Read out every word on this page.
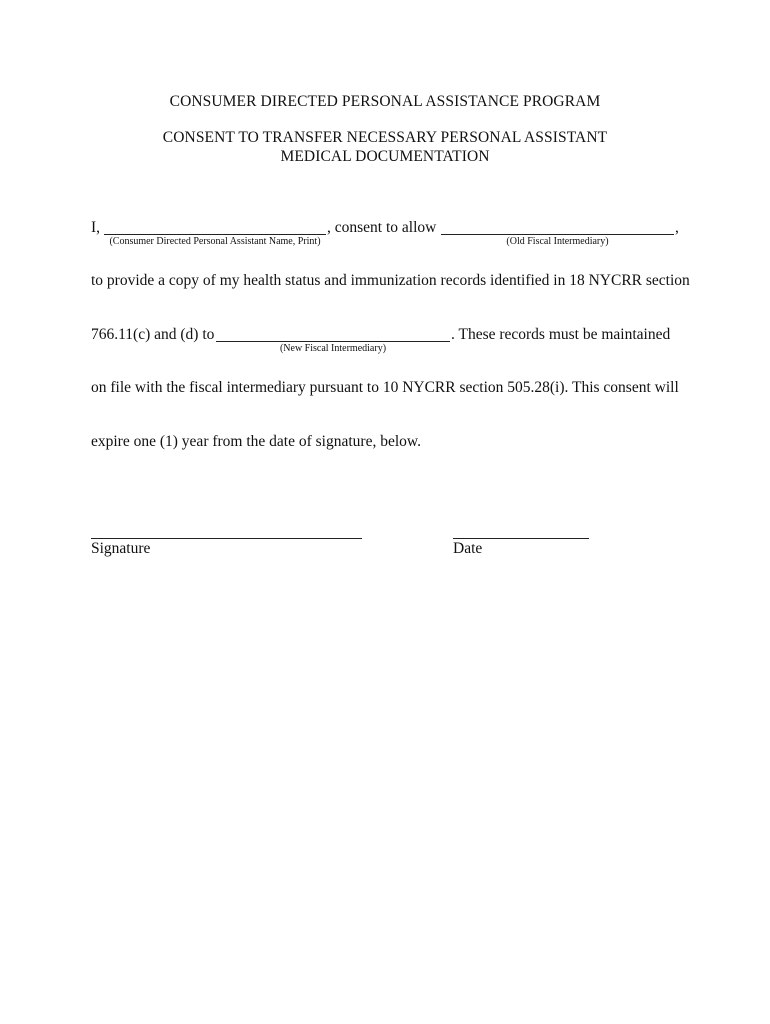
CONSUMER DIRECTED PERSONAL ASSISTANCE PROGRAM
CONSENT TO TRANSFER NECESSARY PERSONAL ASSISTANT
MEDICAL DOCUMENTATION
I,	, consent to allow	,
(Consumer Directed Personal Assistant Name, Print)	(Old Fiscal Intermediary)
to provide a copy of my health status and immunization records identified in 18 NYCRR section
766.11(c) and (d) to	. These records must be maintained
(New Fiscal Intermediary)
on file with the fiscal intermediary pursuant to 10 NYCRR section 505.28(i). This consent will
expire one (1) year from the date of signature, below.
Signature	Date
